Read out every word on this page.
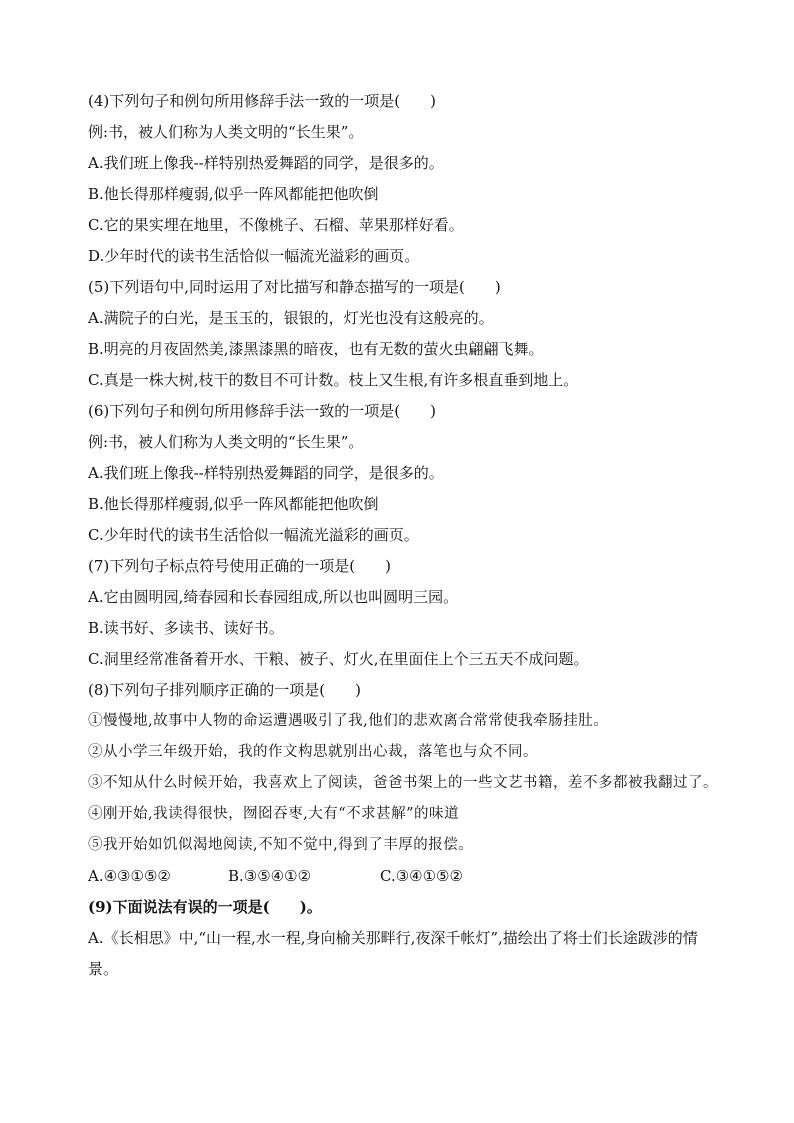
(4)下列句子和例句所用修辞手法一致的一项是(　　)
例:书，被人们称为人类文明的“长生果”。
A.我们班上像我--样特别热爱舞蹈的同学，是很多的。
B.他长得那样瘦弱,似乎一阵风都能把他吹倒
C.它的果实埋在地里，不像桃子、石榴、苹果那样好看。
D.少年时代的读书生活恰似一幅流光溢彩的画页。
(5)下列语句中,同时运用了对比描写和静态描写的一项是(　　)
A.满院子的白光，是玉玉的，银银的，灯光也没有这般亮的。
B.明亮的月夜固然美,漆黑漆黑的暗夜，也有无数的萤火虫翩翩飞舞。
C.真是一株大树,枝干的数目不可计数。枝上又生根,有许多根直垂到地上。
(6)下列句子和例句所用修辞手法一致的一项是(　　)
例:书，被人们称为人类文明的“长生果”。
A.我们班上像我--样特别热爱舞蹈的同学，是很多的。
B.他长得那样瘦弱,似乎一阵风都能把他吹倒
C.少年时代的读书生活恰似一幅流光溢彩的画页。
(7)下列句子标点符号使用正确的一项是(　　)
A.它由圆明园,绮春园和长春园组成,所以也叫圆明三园。
B.读书好、多读书、读好书。
C.洞里经常准备着开水、干粮、被子、灯火,在里面住上个三五天不成问题。
(8)下列句子排列顺序正确的一项是(　　)
①慢慢地,故事中人物的命运遭遇吸引了我,他们的悲欢离合常常使我牵肠挂肚。
②从小学三年级开始，我的作文构思就别出心裁，落笔也与众不同。
③不知从什么时候开始，我喜欢上了阅读，爸爸书架上的一些文艺书籍，差不多都被我翻过了。
④刚开始,我读得很快，囫囵吞枣,大有“不求甚解”的味道
⑤我开始如饥似渴地阅读,不知不觉中,得到了丰厚的报偿。
A.④③①⑤②	B.③⑤④①②	C.③④①⑤②
(9)下面说法有误的一项是(　　)。
A.《长相思》中,“山一程,水一程,身向榆关那畔行,夜深千帐灯”,描绘出了将士们长途跋涉的情景。
